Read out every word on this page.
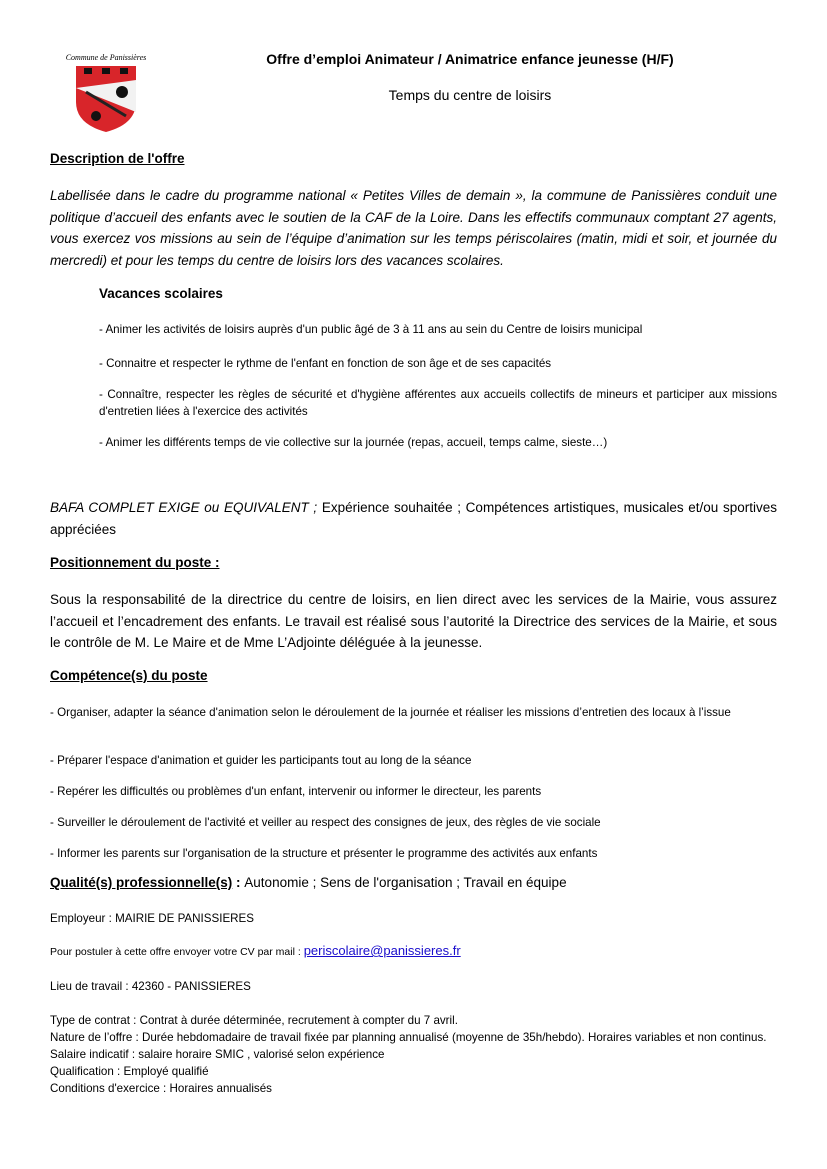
Commune de Panissières	Offre d’emploi Animateur / Animatrice enfance jeunesse (H/F)
Temps du centre de loisirs
Description de l'offre
Labellisée dans le cadre du programme national « Petites Villes de demain », la commune de Panissières conduit une politique d’accueil des enfants avec le soutien de la CAF de la Loire. Dans les effectifs communaux comptant 27 agents, vous exercez vos missions au sein de l’équipe d’animation sur les temps périscolaires (matin, midi et soir, et journée du mercredi) et pour les temps du centre de loisirs lors des vacances scolaires.
Vacances scolaires
- Animer les activités de loisirs auprès d'un public âgé de 3 à 11 ans au sein du Centre de loisirs municipal
- Connaitre et respecter le rythme de l'enfant en fonction de son âge et de ses capacités
- Connaître, respecter les règles de sécurité et d'hygiène afférentes aux accueils collectifs de mineurs et participer aux missions d'entretien liées à l'exercice des activités
- Animer les différents temps de vie collective sur la journée (repas, accueil, temps calme, sieste…)
BAFA COMPLET EXIGE ou EQUIVALENT ; Expérience souhaitée ; Compétences artistiques, musicales et/ou sportives appréciées
Positionnement du poste :
Sous la responsabilité de la directrice du centre de loisirs, en lien direct avec les services de la Mairie, vous assurez l’accueil et l’encadrement des enfants. Le travail est réalisé sous l’autorité la Directrice des services de la Mairie, et sous le contrôle de M. Le Maire et de Mme L’Adjointe déléguée à la jeunesse.
Compétence(s) du poste
- Organiser, adapter la séance d'animation selon le déroulement de la journée et réaliser les missions d’entretien des locaux à l’issue
- Préparer l'espace d'animation et guider les participants tout au long de la séance
- Repérer les difficultés ou problèmes d'un enfant, intervenir ou informer le directeur, les parents
- Surveiller le déroulement de l'activité et veiller au respect des consignes de jeux, des règles de vie sociale
- Informer les parents sur l'organisation de la structure et présenter le programme des activités aux enfants
Qualité(s) professionnelle(s) : Autonomie ; Sens de l'organisation ; Travail en équipe
Employeur : MAIRIE DE PANISSIERES
Pour postuler à cette offre envoyer votre CV par mail : periscolaire@panissieres.fr
Lieu de travail : 42360 - PANISSIERES
Type de contrat : Contrat à durée déterminée, recrutement à compter du 7 avril.
Nature de l’offre : Durée hebdomadaire de travail fixée par planning annualisé (moyenne de 35h/hebdo). Horaires variables et non continus.
Salaire indicatif : salaire horaire SMIC , valorisé selon expérience
Qualification : Employé qualifié
Conditions d'exercice : Horaires annualisés
